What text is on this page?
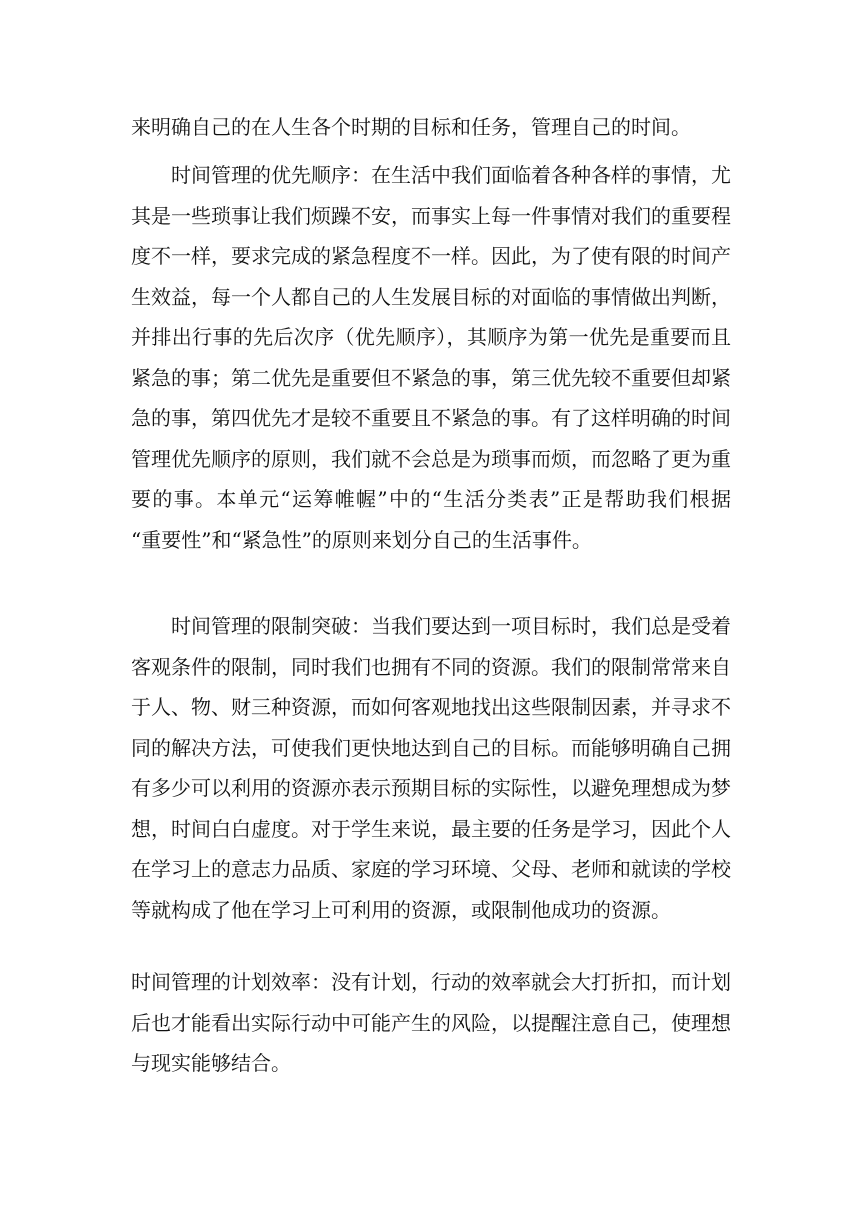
来明确自己的在人生各个时期的目标和任务，管理自己的时间。
时间管理的优先顺序：在生活中我们面临着各种各样的事情，尤
其是一些琐事让我们烦躁不安，而事实上每一件事情对我们的重要程
度不一样，要求完成的紧急程度不一样。因此，为了使有限的时间产
生效益，每一个人都自己的人生发展目标的对面临的事情做出判断，
并排出行事的先后次序（优先顺序），其顺序为第一优先是重要而且
紧急的事；第二优先是重要但不紧急的事，第三优先较不重要但却紧
急的事，第四优先才是较不重要且不紧急的事。有了这样明确的时间
管理优先顺序的原则，我们就不会总是为琐事而烦，而忽略了更为重
要的事。本单元“运筹帷幄”中的“生活分类表”正是帮助我们根据
“重要性”和“紧急性”的原则来划分自己的生活事件。
时间管理的限制突破：当我们要达到一项目标时，我们总是受着
客观条件的限制，同时我们也拥有不同的资源。我们的限制常常来自
于人、物、财三种资源，而如何客观地找出这些限制因素，并寻求不
同的解决方法，可使我们更快地达到自己的目标。而能够明确自己拥
有多少可以利用的资源亦表示预期目标的实际性，以避免理想成为梦
想，时间白白虚度。对于学生来说，最主要的任务是学习，因此个人
在学习上的意志力品质、家庭的学习环境、父母、老师和就读的学校
等就构成了他在学习上可利用的资源，或限制他成功的资源。
时间管理的计划效率：没有计划，行动的效率就会大打折扣，而计划
后也才能看出实际行动中可能产生的风险，以提醒注意自己，使理想
与现实能够结合。
